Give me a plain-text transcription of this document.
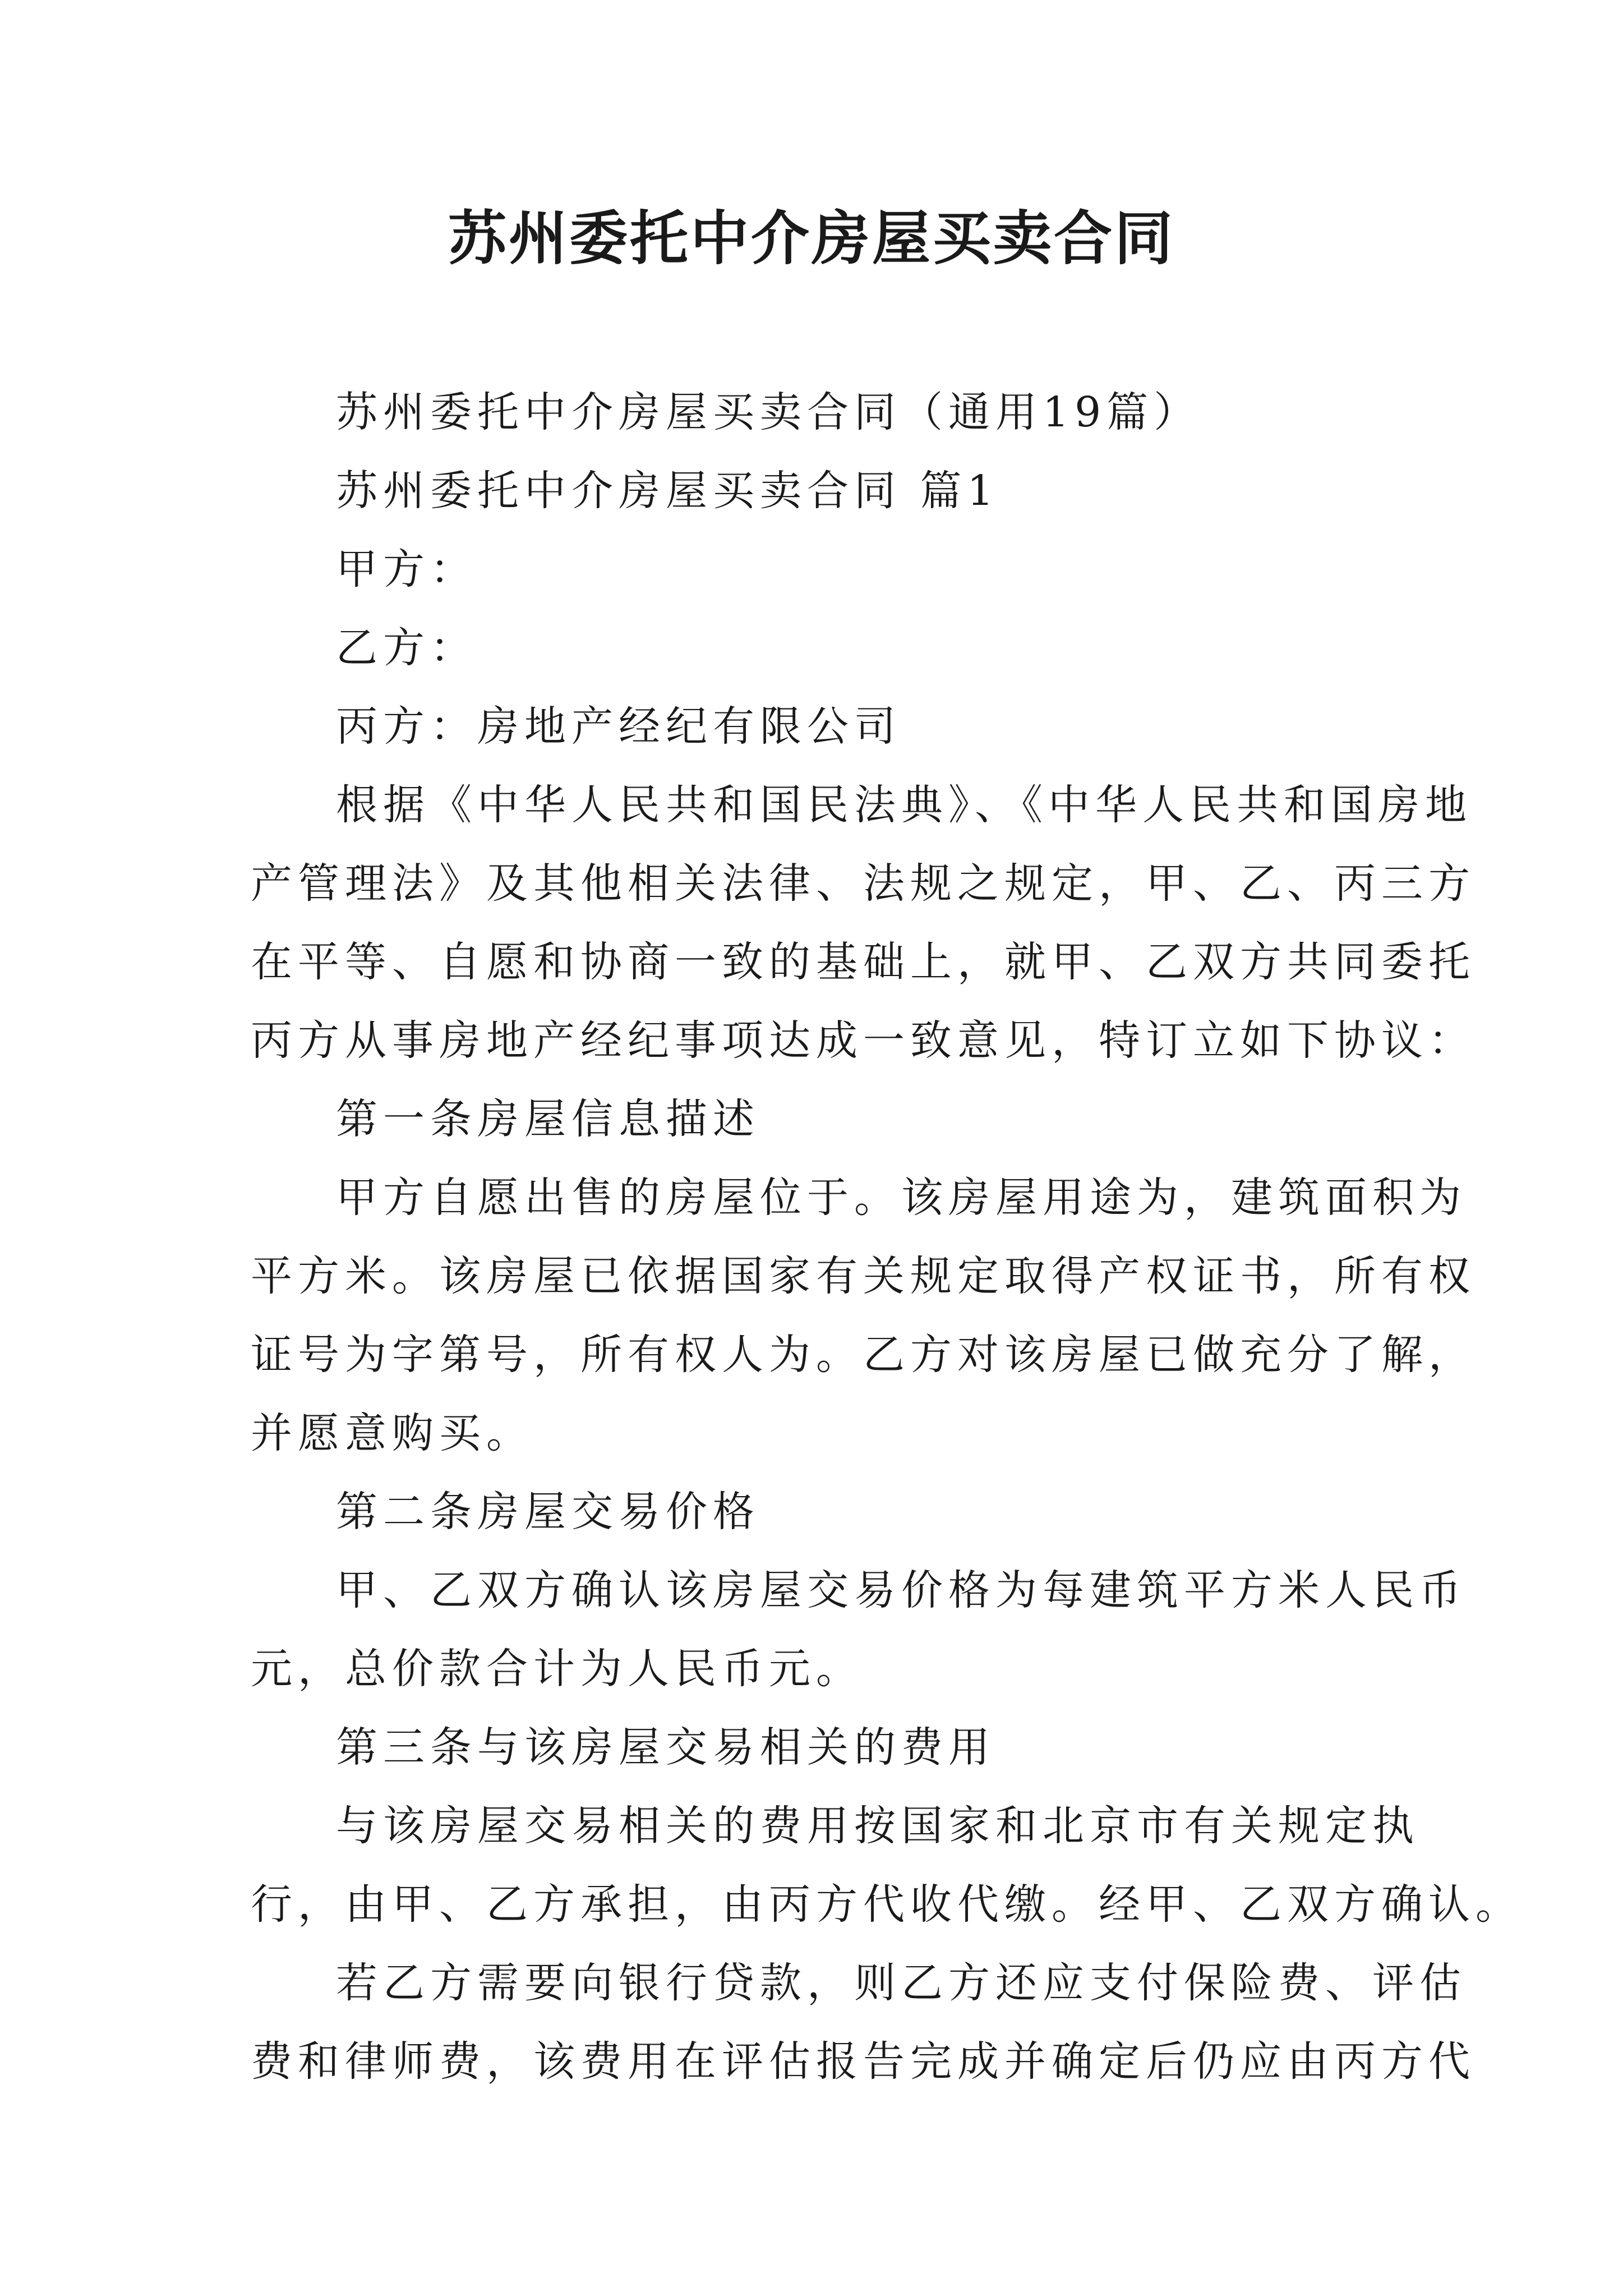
苏州委托中介房屋买卖合同
苏州委托中介房屋买卖合同（通用19篇）
苏州委托中介房屋买卖合同 篇1
甲方：
乙方：
丙方：房地产经纪有限公司
根据《中华人民共和国民法典》、《中华人民共和国房地
产管理法》及其他相关法律、法规之规定，甲、乙、丙三方
在平等、自愿和协商一致的基础上，就甲、乙双方共同委托
丙方从事房地产经纪事项达成一致意见，特订立如下协议：
第一条房屋信息描述
甲方自愿出售的房屋位于。该房屋用途为，建筑面积为
平方米。该房屋已依据国家有关规定取得产权证书，所有权
证号为字第号，所有权人为。乙方对该房屋已做充分了解，
并愿意购买。
第二条房屋交易价格
甲、乙双方确认该房屋交易价格为每建筑平方米人民币
元，总价款合计为人民币元。
第三条与该房屋交易相关的费用
与该房屋交易相关的费用按国家和北京市有关规定执
行，由甲、乙方承担，由丙方代收代缴。经甲、乙双方确认。
若乙方需要向银行贷款，则乙方还应支付保险费、评估
费和律师费，该费用在评估报告完成并确定后仍应由丙方代
